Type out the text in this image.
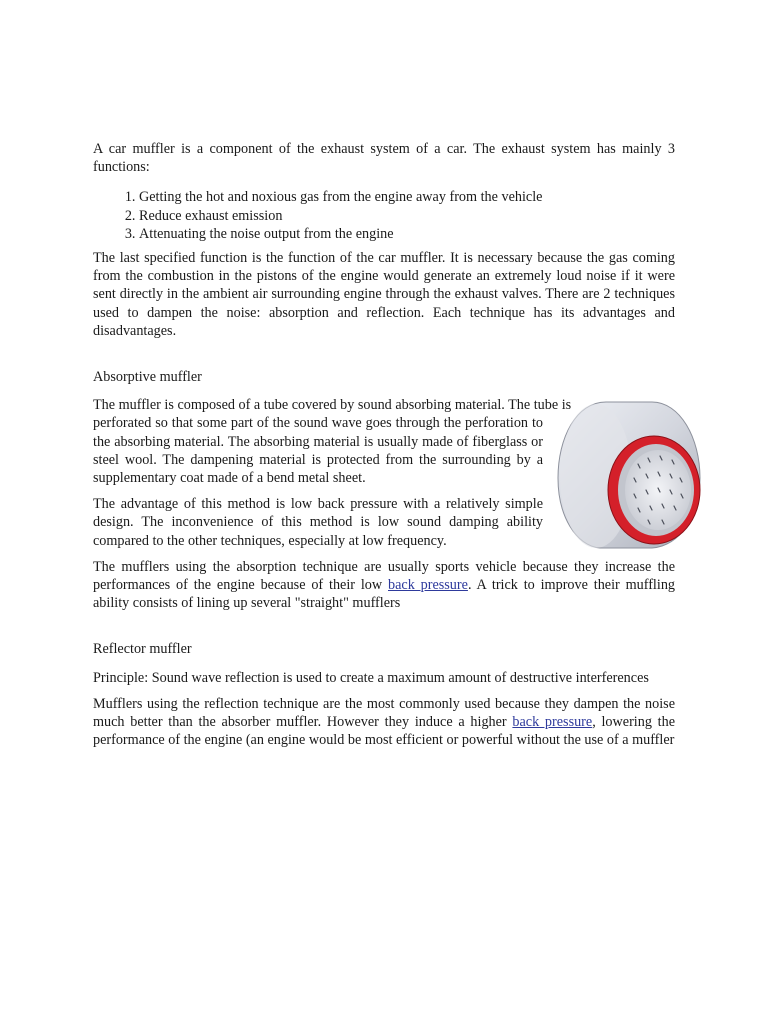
A car muffler is a component of the exhaust system of a car. The exhaust system has mainly 3 functions:

1. Getting the hot and noxious gas from the engine away from the vehicle
2. Reduce exhaust emission
3. Attenuating the noise output from the engine

The last specified function is the function of the car muffler. It is necessary because the gas coming from the combustion in the pistons of the engine would generate an extremely loud noise if it were sent directly in the ambient air surrounding engine through the exhaust valves. There are 2 techniques used to dampen the noise: absorption and reflection. Each technique has its advantages and disadvantages.

Absorptive muffler

The muffler is composed of a tube covered by sound absorbing material. The tube is
perforated so that some part of the sound wave goes through the perforation to the absorbing material. The absorbing material is usually made of fiberglass or steel wool. The dampening material is protected from the surrounding by a supplementary coat made of a bend metal sheet.

The advantage of this method is low back pressure with a relatively simple design. The inconvenience of this method is low sound damping ability compared to the other techniques, especially at low frequency.

The mufflers using the absorption technique are usually sports vehicle because they increase the performances of the engine because of their low back pressure. A trick to improve their muffling ability consists of lining up several "straight" mufflers

Reflector muffler

Principle: Sound wave reflection is used to create a maximum amount of destructive interferences

Mufflers using the reflection technique are the most commonly used because they dampen the noise much better than the absorber muffler. However they induce a higher back pressure, lowering the performance of the engine (an engine would be most efficient or powerful without the use of a muffler
